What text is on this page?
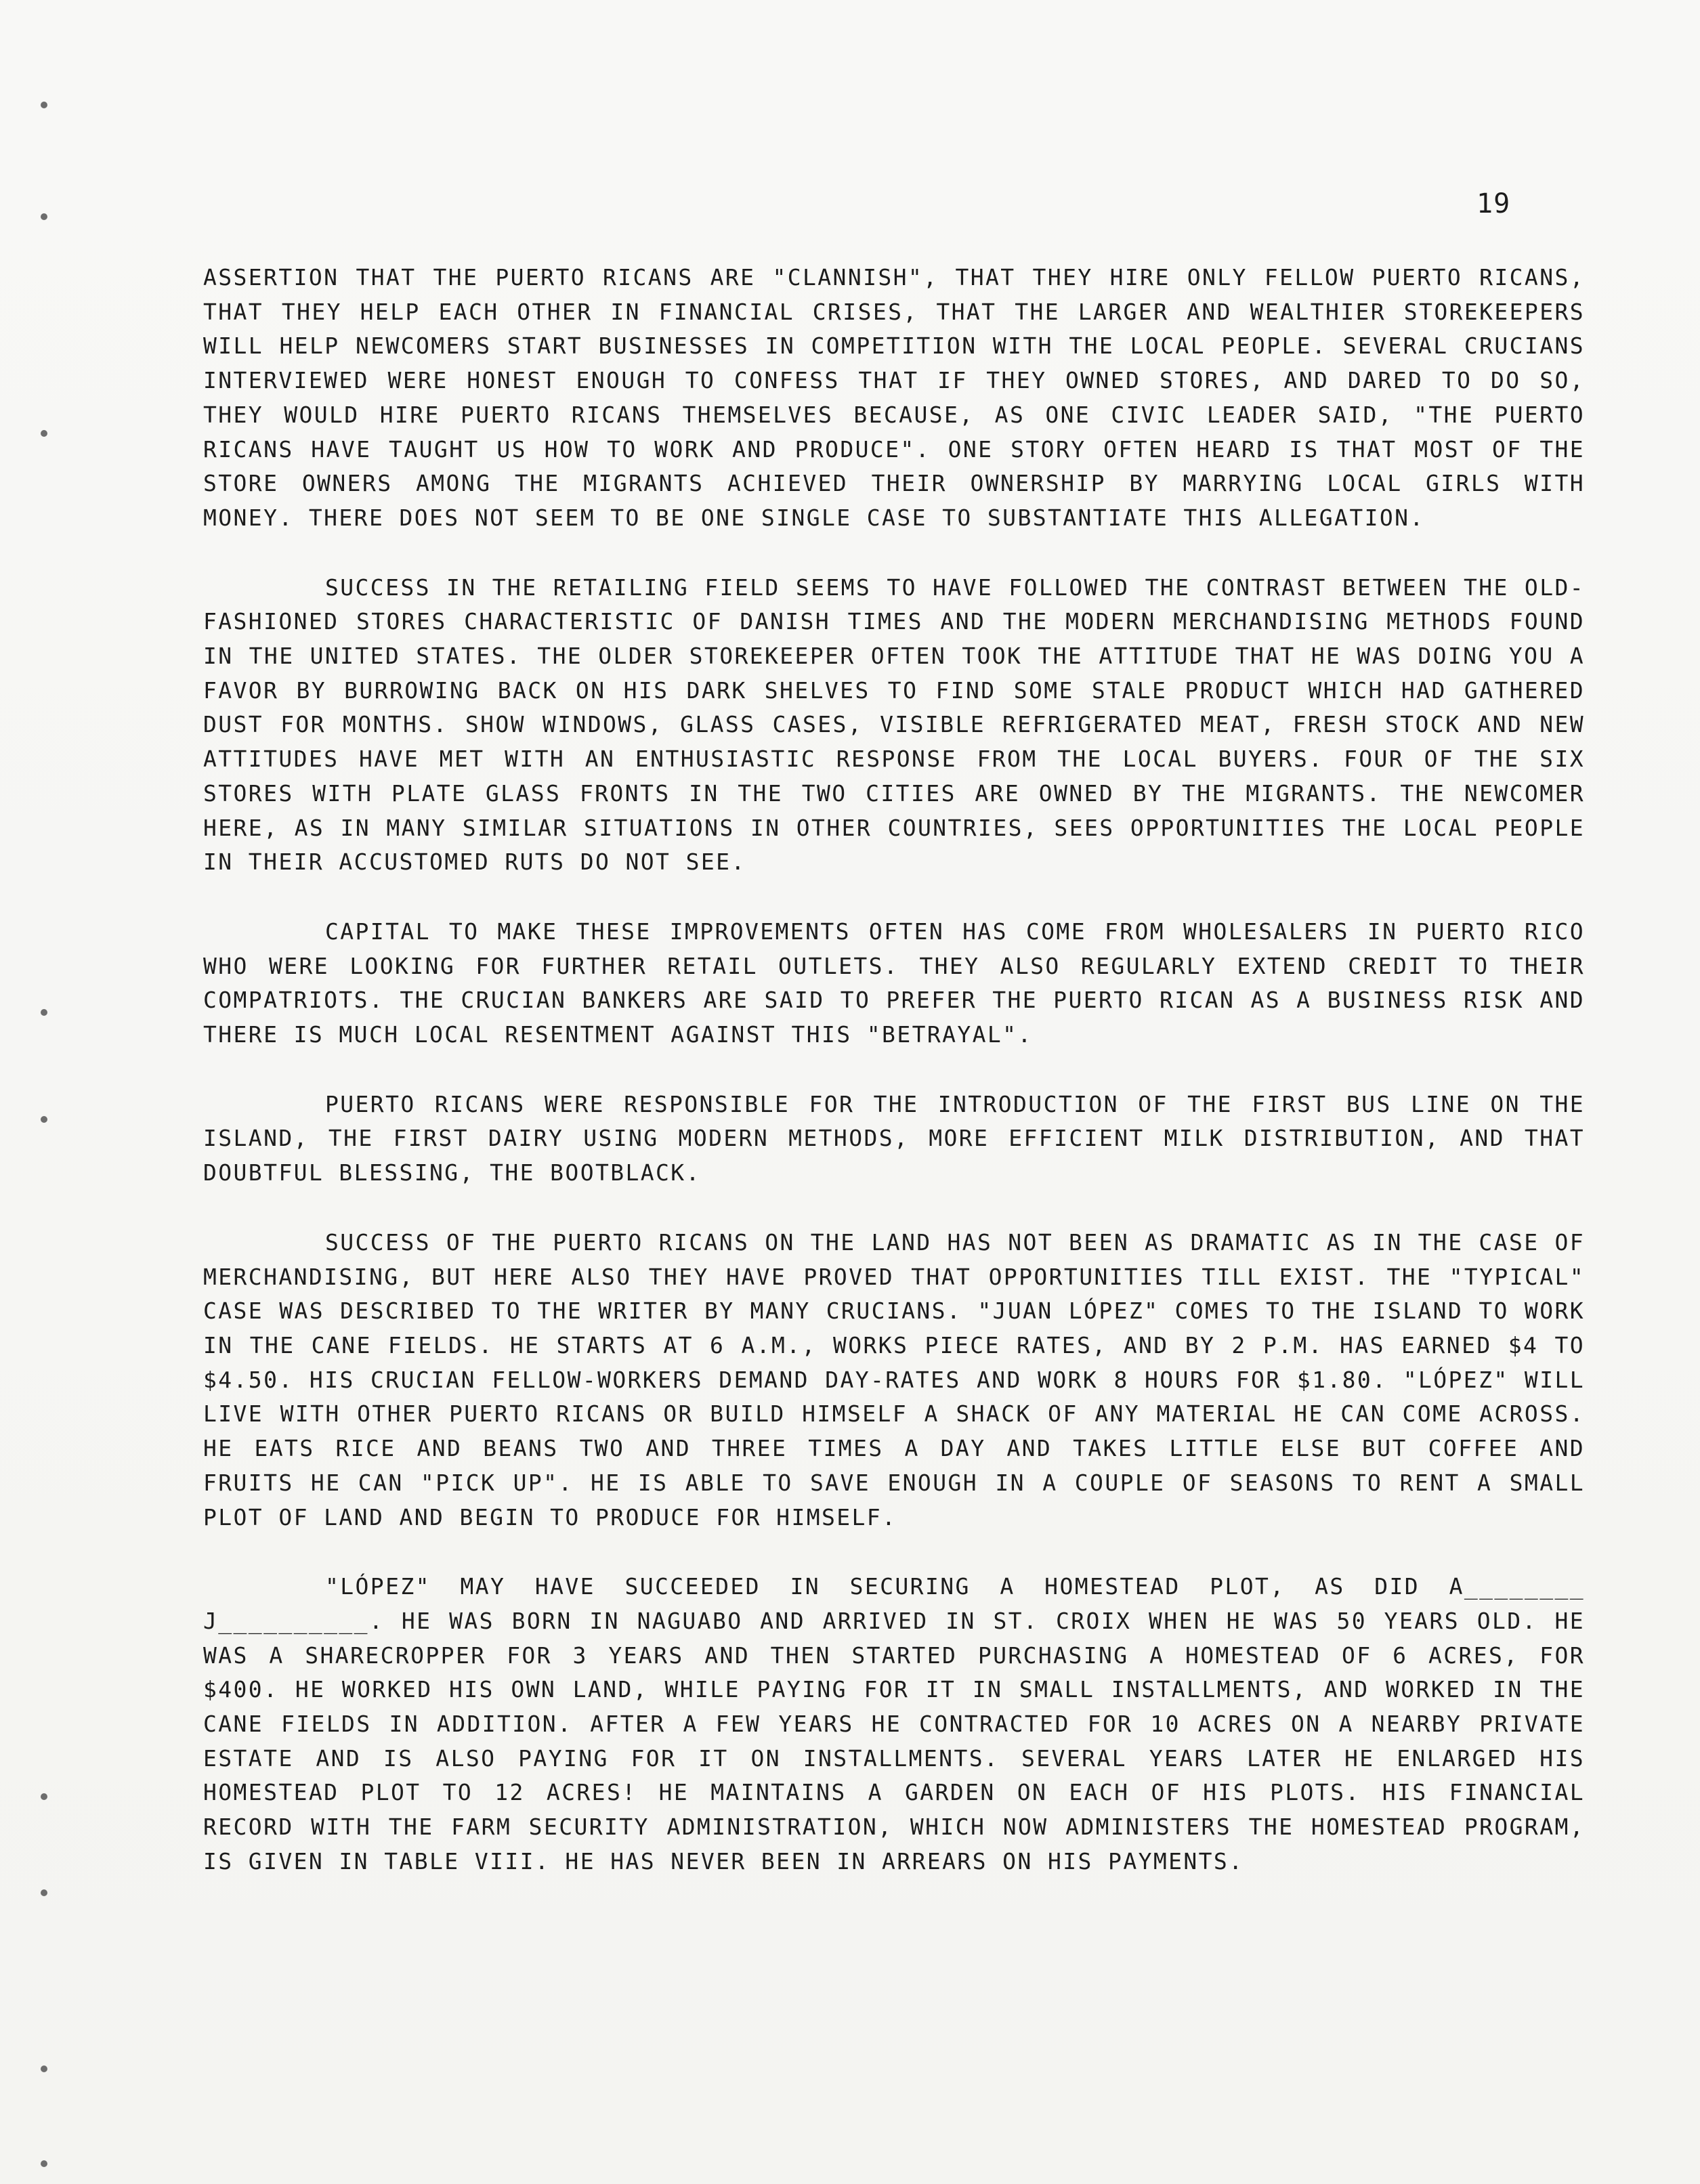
19

ASSERTION THAT THE PUERTO RICANS ARE "CLANNISH", THAT THEY HIRE ONLY FELLOW PUERTO RICANS, THAT THEY HELP EACH OTHER IN FINANCIAL CRISES, THAT THE LARGER AND WEALTHIER STOREKEEPERS WILL HELP NEWCOMERS START BUSINESSES IN COMPETITION WITH THE LOCAL PEOPLE. SEVERAL CRUCIANS INTERVIEWED WERE HONEST ENOUGH TO CONFESS THAT IF THEY OWNED STORES, AND DARED TO DO SO, THEY WOULD HIRE PUERTO RICANS THEMSELVES BECAUSE, AS ONE CIVIC LEADER SAID, "THE PUERTO RICANS HAVE TAUGHT US HOW TO WORK AND PRODUCE". ONE STORY OFTEN HEARD IS THAT MOST OF THE STORE OWNERS AMONG THE MIGRANTS ACHIEVED THEIR OWNERSHIP BY MARRYING LOCAL GIRLS WITH MONEY. THERE DOES NOT SEEM TO BE ONE SINGLE CASE TO SUBSTANTIATE THIS ALLEGATION.

SUCCESS IN THE RETAILING FIELD SEEMS TO HAVE FOLLOWED THE CONTRAST BETWEEN THE OLD-FASHIONED STORES CHARACTERISTIC OF DANISH TIMES AND THE MODERN MERCHANDISING METHODS FOUND IN THE UNITED STATES. THE OLDER STOREKEEPER OFTEN TOOK THE ATTITUDE THAT HE WAS DOING YOU A FAVOR BY BURROWING BACK ON HIS DARK SHELVES TO FIND SOME STALE PRODUCT WHICH HAD GATHERED DUST FOR MONTHS. SHOW WINDOWS, GLASS CASES, VISIBLE REFRIGERATED MEAT, FRESH STOCK AND NEW ATTITUDES HAVE MET WITH AN ENTHUSIASTIC RESPONSE FROM THE LOCAL BUYERS. FOUR OF THE SIX STORES WITH PLATE GLASS FRONTS IN THE TWO CITIES ARE OWNED BY THE MIGRANTS. THE NEWCOMER HERE, AS IN MANY SIMILAR SITUATIONS IN OTHER COUNTRIES, SEES OPPORTUNITIES THE LOCAL PEOPLE IN THEIR ACCUSTOMED RUTS DO NOT SEE.

CAPITAL TO MAKE THESE IMPROVEMENTS OFTEN HAS COME FROM WHOLESALERS IN PUERTO RICO WHO WERE LOOKING FOR FURTHER RETAIL OUTLETS. THEY ALSO REGULARLY EXTEND CREDIT TO THEIR COMPATRIOTS. THE CRUCIAN BANKERS ARE SAID TO PREFER THE PUERTO RICAN AS A BUSINESS RISK AND THERE IS MUCH LOCAL RESENTMENT AGAINST THIS "BETRAYAL".

PUERTO RICANS WERE RESPONSIBLE FOR THE INTRODUCTION OF THE FIRST BUS LINE ON THE ISLAND, THE FIRST DAIRY USING MODERN METHODS, MORE EFFICIENT MILK DISTRIBUTION, AND THAT DOUBTFUL BLESSING, THE BOOTBLACK.

SUCCESS OF THE PUERTO RICANS ON THE LAND HAS NOT BEEN AS DRAMATIC AS IN THE CASE OF MERCHANDISING, BUT HERE ALSO THEY HAVE PROVED THAT OPPORTUNITIES TILL EXIST. THE "TYPICAL" CASE WAS DESCRIBED TO THE WRITER BY MANY CRUCIANS. "JUAN LÓPEZ" COMES TO THE ISLAND TO WORK IN THE CANE FIELDS. HE STARTS AT 6 A.M., WORKS PIECE RATES, AND BY 2 P.M. HAS EARNED $4 TO $4.50. HIS CRUCIAN FELLOW-WORKERS DEMAND DAY-RATES AND WORK 8 HOURS FOR $1.80. "LÓPEZ" WILL LIVE WITH OTHER PUERTO RICANS OR BUILD HIMSELF A SHACK OF ANY MATERIAL HE CAN COME ACROSS. HE EATS RICE AND BEANS TWO AND THREE TIMES A DAY AND TAKES LITTLE ELSE BUT COFFEE AND FRUITS HE CAN "PICK UP". HE IS ABLE TO SAVE ENOUGH IN A COUPLE OF SEASONS TO RENT A SMALL PLOT OF LAND AND BEGIN TO PRODUCE FOR HIMSELF.

"LÓPEZ" MAY HAVE SUCCEEDED IN SECURING A HOMESTEAD PLOT, AS DID A________ J__________. HE WAS BORN IN NAGUABO AND ARRIVED IN ST. CROIX WHEN HE WAS 50 YEARS OLD. HE WAS A SHARECROPPER FOR 3 YEARS AND THEN STARTED PURCHASING A HOMESTEAD OF 6 ACRES, FOR $400. HE WORKED HIS OWN LAND, WHILE PAYING FOR IT IN SMALL INSTALLMENTS, AND WORKED IN THE CANE FIELDS IN ADDITION. AFTER A FEW YEARS HE CONTRACTED FOR 10 ACRES ON A NEARBY PRIVATE ESTATE AND IS ALSO PAYING FOR IT ON INSTALLMENTS. SEVERAL YEARS LATER HE ENLARGED HIS HOMESTEAD PLOT TO 12 ACRES! HE MAINTAINS A GARDEN ON EACH OF HIS PLOTS. HIS FINANCIAL RECORD WITH THE FARM SECURITY ADMINISTRATION, WHICH NOW ADMINISTERS THE HOMESTEAD PROGRAM, IS GIVEN IN TABLE VIII. HE HAS NEVER BEEN IN ARREARS ON HIS PAYMENTS.
